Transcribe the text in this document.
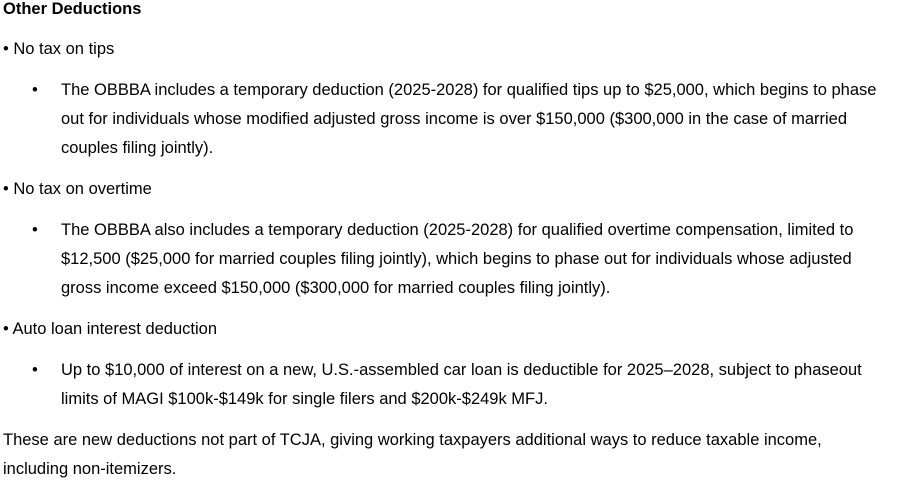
Other Deductions

• No tax on tips

•	The OBBBA includes a temporary deduction (2025-2028) for qualified tips up to $25,000, which begins to phase out for individuals whose modified adjusted gross income is over $150,000 ($300,000 in the case of married couples filing jointly).

• No tax on overtime

•	The OBBBA also includes a temporary deduction (2025-2028) for qualified overtime compensation, limited to $12,500 ($25,000 for married couples filing jointly), which begins to phase out for individuals whose adjusted gross income exceed $150,000 ($300,000 for married couples filing jointly).

• Auto loan interest deduction

•	Up to $10,000 of interest on a new, U.S.-assembled car loan is deductible for 2025–2028, subject to phaseout limits of MAGI $100k-$149k for single filers and $200k-$249k MFJ.

These are new deductions not part of TCJA, giving working taxpayers additional ways to reduce taxable income, including non-itemizers.
